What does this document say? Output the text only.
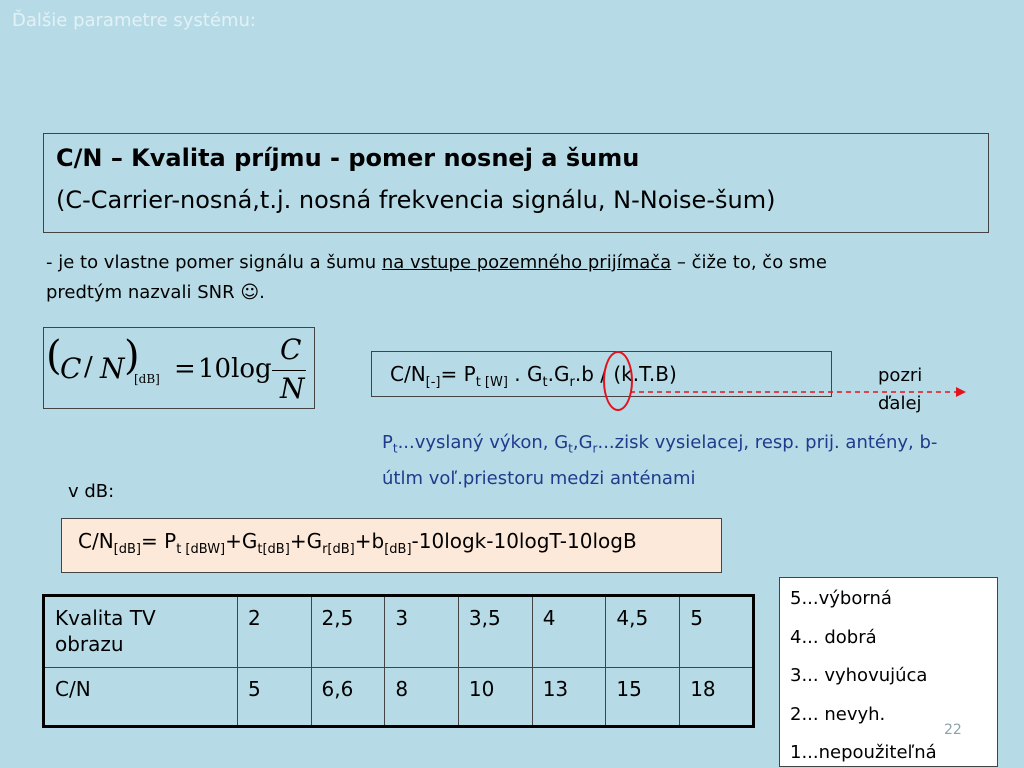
Ďalšie parametre systému:
C/N – Kvalita príjmu - pomer nosnej a šumu
(C-Carrier-nosná,t.j. nosná frekvencia signálu, N-Noise-šum)
- je to vlastne pomer signálu a šumu na vstupe pozemného prijímača – čiže to, čo sme predtým nazvali SNR ☺.
(
C / N )
[dB] = 10log
C
N	$C/N_{[-]}= P_{t [W]}$ . $G_t.G_r.b / (k.T.B)$	pozri
ďalej
$P_t...vyslaný$ výkon, $G_t,G_r...zisk$ vysielacej, resp. prij. antény, b-útlm voľ.priestoru medzi anténami
v dB:
$C/N_{[dB]}= P_{t [dBW]}+G_{t[dB]}+G_{r[dB]}+b_{[dB]}-10\log k-10\log T-10\log B$
Kvalita TV obrazu	2	2,5	3	3,5	4	4,5	5
C/N	5	6,6	8	10	13	15	18
5...výborná
4... dobrá
3... vyhovujúca
2... nevyh.
1...nepoužiteľná
22
